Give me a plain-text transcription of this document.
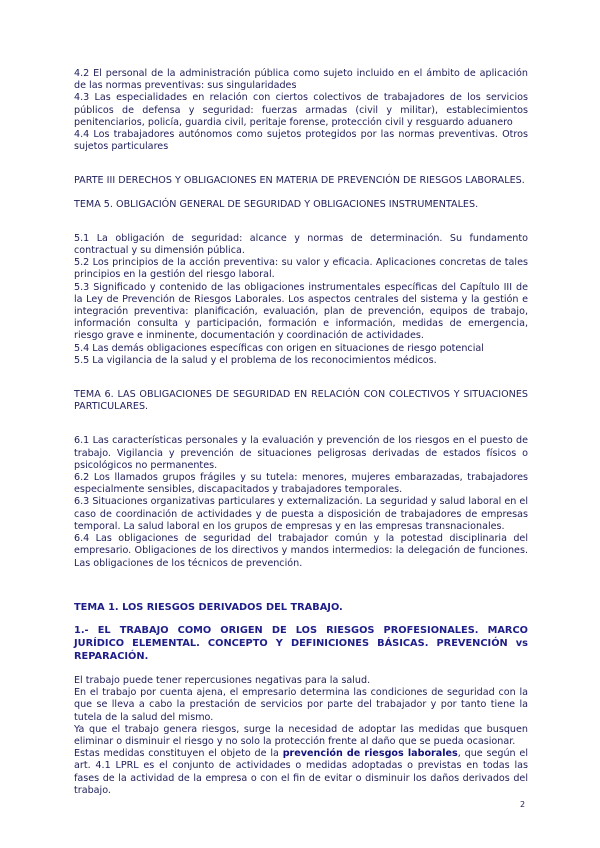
4.2 El personal de la administración pública como sujeto incluido en el ámbito de aplicación de las normas preventivas: sus singularidades

4.3 Las especialidades en relación con ciertos colectivos de trabajadores de los servicios públicos de defensa y seguridad: fuerzas armadas (civil y militar), establecimientos penitenciarios, policía, guardia civil, peritaje forense, protección civil y resguardo aduanero

4.4 Los trabajadores autónomos como sujetos protegidos por las normas preventivas. Otros sujetos particulares

PARTE III DERECHOS Y OBLIGACIONES EN MATERIA DE PREVENCIÓN DE RIESGOS LABORALES.

TEMA 5. OBLIGACIÓN GENERAL DE SEGURIDAD Y OBLIGACIONES INSTRUMENTALES.

5.1 La obligación de seguridad: alcance y normas de determinación. Su fundamento contractual y su dimensión pública.

5.2 Los principios de la acción preventiva: su valor y eficacia. Aplicaciones concretas de tales principios en la gestión del riesgo laboral.

5.3 Significado y contenido de las obligaciones instrumentales específicas del Capítulo III de la Ley de Prevención de Riesgos Laborales. Los aspectos centrales del sistema y la gestión e integración preventiva: planificación, evaluación, plan de prevención, equipos de trabajo, información consulta y participación, formación e información, medidas de emergencia, riesgo grave e inminente, documentación y coordinación de actividades.

5.4 Las demás obligaciones específicas con origen en situaciones de riesgo potencial

5.5 La vigilancia de la salud y el problema de los reconocimientos médicos.

TEMA 6. LAS OBLIGACIONES DE SEGURIDAD EN RELACIÓN CON COLECTIVOS Y SITUACIONES PARTICULARES.

6.1 Las características personales y la evaluación y prevención de los riesgos en el puesto de trabajo. Vigilancia y prevención de situaciones peligrosas derivadas de estados físicos o psicológicos no permanentes.

6.2 Los llamados grupos frágiles y su tutela: menores, mujeres embarazadas, trabajadores especialmente sensibles, discapacitados y trabajadores temporales.

6.3 Situaciones organizativas particulares y externalización. La seguridad y salud laboral en el caso de coordinación de actividades y de puesta a disposición de trabajadores de empresas temporal. La salud laboral en los grupos de empresas y en las empresas transnacionales.

6.4 Las obligaciones de seguridad del trabajador común y la potestad disciplinaria del empresario. Obligaciones de los directivos y mandos intermedios: la delegación de funciones. Las obligaciones de los técnicos de prevención.

TEMA 1. LOS RIESGOS DERIVADOS DEL TRABAJO.

1.- EL TRABAJO COMO ORIGEN DE LOS RIESGOS PROFESIONALES. MARCO JURÍDICO ELEMENTAL. CONCEPTO Y DEFINICIONES BÁSICAS. PREVENCIÓN vs REPARACIÓN.

El trabajo puede tener repercusiones negativas para la salud.

En el trabajo por cuenta ajena, el empresario determina las condiciones de seguridad con la que se lleva a cabo la prestación de servicios por parte del trabajador y por tanto tiene la tutela de la salud del mismo.

Ya que el trabajo genera riesgos, surge la necesidad de adoptar las medidas que busquen eliminar o disminuir el riesgo y no solo la protección frente al daño que se pueda ocasionar.

Estas medidas constituyen el objeto de la prevención de riesgos laborales, que según el art. 4.1 LPRL es el conjunto de actividades o medidas adoptadas o previstas en todas las fases de la actividad de la empresa o con el fin de evitar o disminuir los daños derivados del trabajo.

2
